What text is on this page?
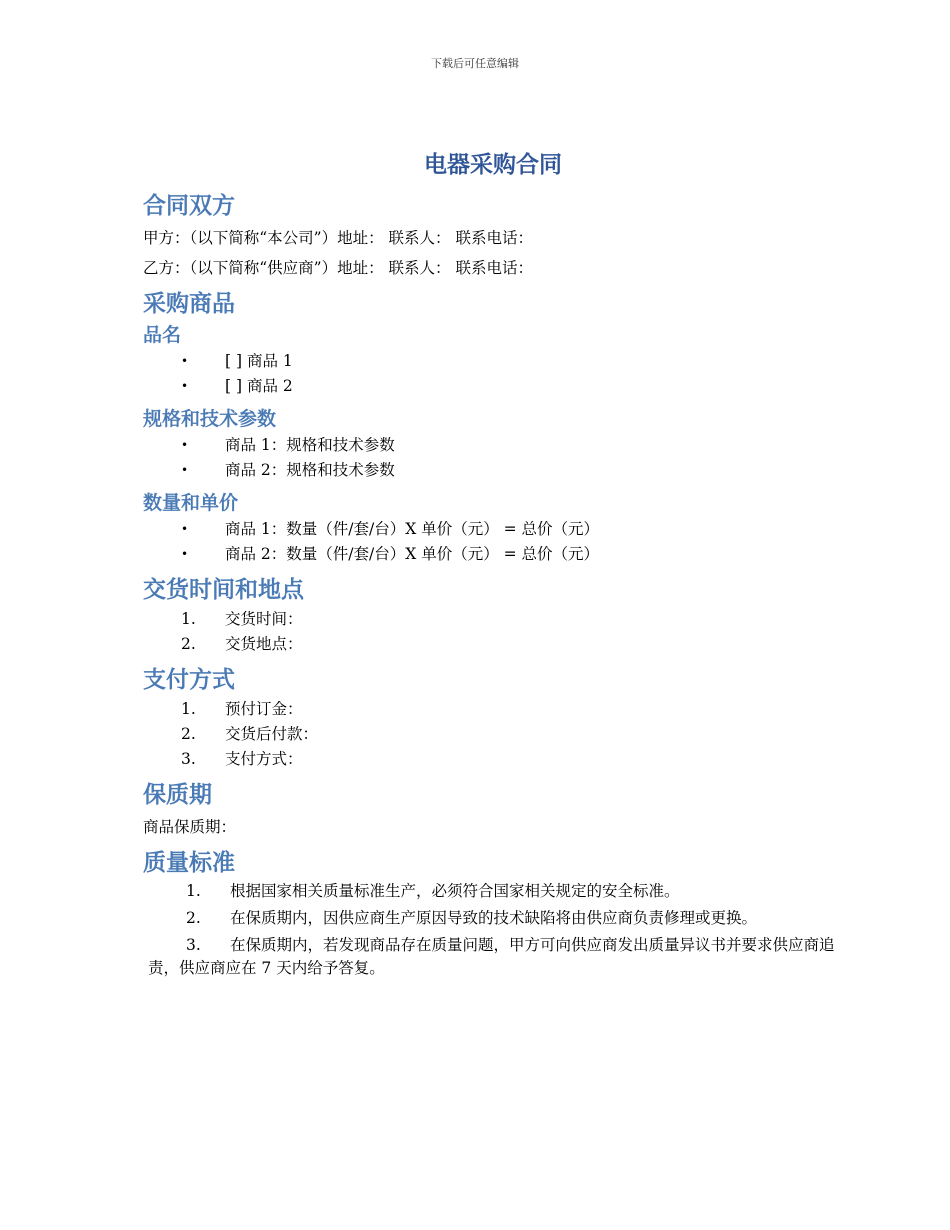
下载后可任意编辑
电器采购合同
合同双方

甲方：（以下简称“本公司”）地址： 联系人： 联系电话：

乙方：（以下简称“供应商”）地址： 联系人： 联系电话：

采购商品
品名
• [ ] 商品 1
• [ ] 商品 2
规格和技术参数
• 商品 1：规格和技术参数
• 商品 2：规格和技术参数
数量和单价
• 商品 1：数量（件/套/台）X 单价（元） = 总价（元）
• 商品 2：数量（件/套/台）X 单价（元） = 总价（元）
交货时间和地点
1. 交货时间：
2. 交货地点：
支付方式
1. 预付订金：
2. 交货后付款：
3. 支付方式：
保质期

商品保质期：

质量标准
1. 根据国家相关质量标准生产，必须符合国家相关规定的安全标准。
2. 在保质期内，因供应商生产原因导致的技术缺陷将由供应商负责修理或更换。
3. 在保质期内，若发现商品存在质量问题，甲方可向供应商发出质量异议书并要求供应商追责，供应商应在 7 天内给予答复。
